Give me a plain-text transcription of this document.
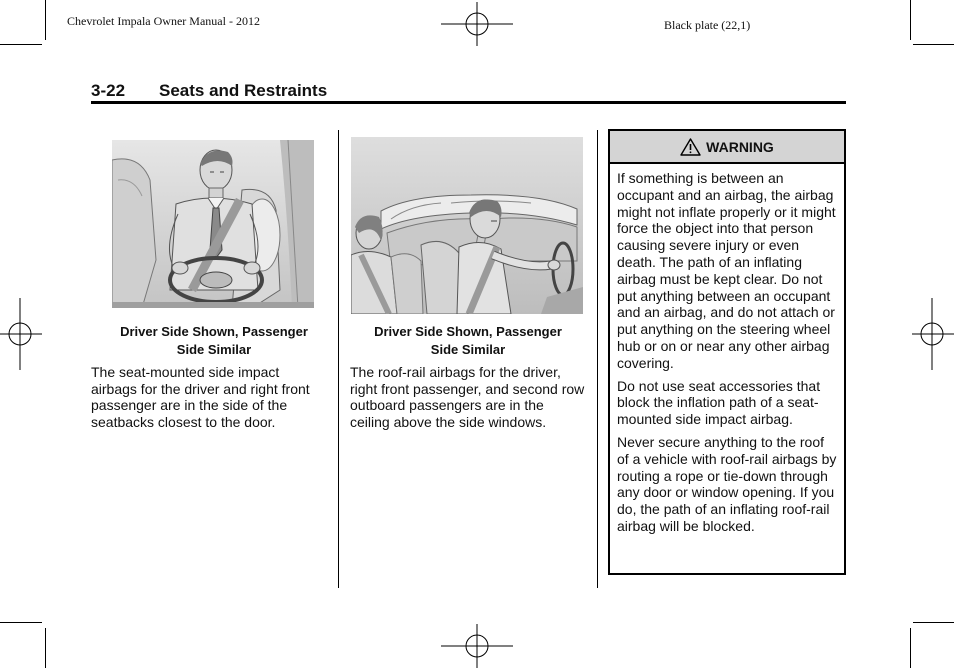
Chevrolet Impala Owner Manual - 2012	Black plate (22,1)
3-22 Seats and Restraints
Driver Side Shown, Passenger
Side Similar
The seat-mounted side impact airbags for the driver and right front passenger are in the side of the seatbacks closest to the door.
Driver Side Shown, Passenger
Side Similar
The roof-rail airbags for the driver, right front passenger, and second row outboard passengers are in the ceiling above the side windows.
WARNING

If something is between an occupant and an airbag, the airbag might not inflate properly or it might force the object into that person causing severe injury or even death. The path of an inflating airbag must be kept clear. Do not put anything between an occupant and an airbag, and do not attach or put anything on the steering wheel hub or on or near any other airbag covering.

Do not use seat accessories that block the inflation path of a seat-mounted side impact airbag.

Never secure anything to the roof of a vehicle with roof-rail airbags by routing a rope or tie-down through any door or window opening. If you do, the path of an inflating roof-rail airbag will be blocked.
